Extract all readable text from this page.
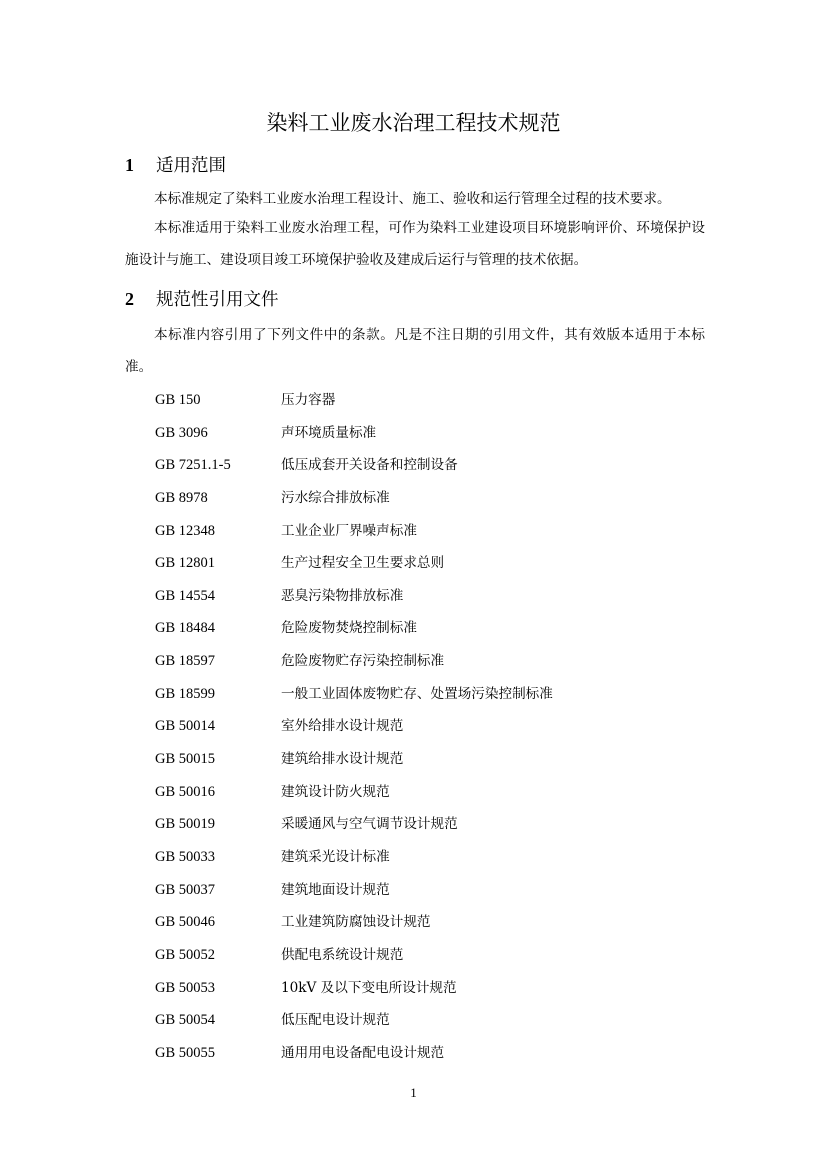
染料工业废水治理工程技术规范
1 适用范围

本标准规定了染料工业废水治理工程设计、施工、验收和运行管理全过程的技术要求。

本标准适用于染料工业废水治理工程，可作为染料工业建设项目环境影响评价、环境保护设施设计与施工、建设项目竣工环境保护验收及建成后运行与管理的技术依据。

2 规范性引用文件

本标准内容引用了下列文件中的条款。凡是不注日期的引用文件，其有效版本适用于本标准。

GB 150	压力容器
GB 3096	声环境质量标准
GB 7251.1-5	低压成套开关设备和控制设备
GB 8978	污水综合排放标准
GB 12348	工业企业厂界噪声标准
GB 12801	生产过程安全卫生要求总则
GB 14554	恶臭污染物排放标准
GB 18484	危险废物焚烧控制标准
GB 18597	危险废物贮存污染控制标准
GB 18599	一般工业固体废物贮存、处置场污染控制标准
GB 50014	室外给排水设计规范
GB 50015	建筑给排水设计规范
GB 50016	建筑设计防火规范
GB 50019	采暖通风与空气调节设计规范
GB 50033	建筑采光设计标准
GB 50037	建筑地面设计规范
GB 50046	工业建筑防腐蚀设计规范
GB 50052	供配电系统设计规范
GB 50053	10kV 及以下变电所设计规范
GB 50054	低压配电设计规范
GB 50055	通用用电设备配电设计规范
1
